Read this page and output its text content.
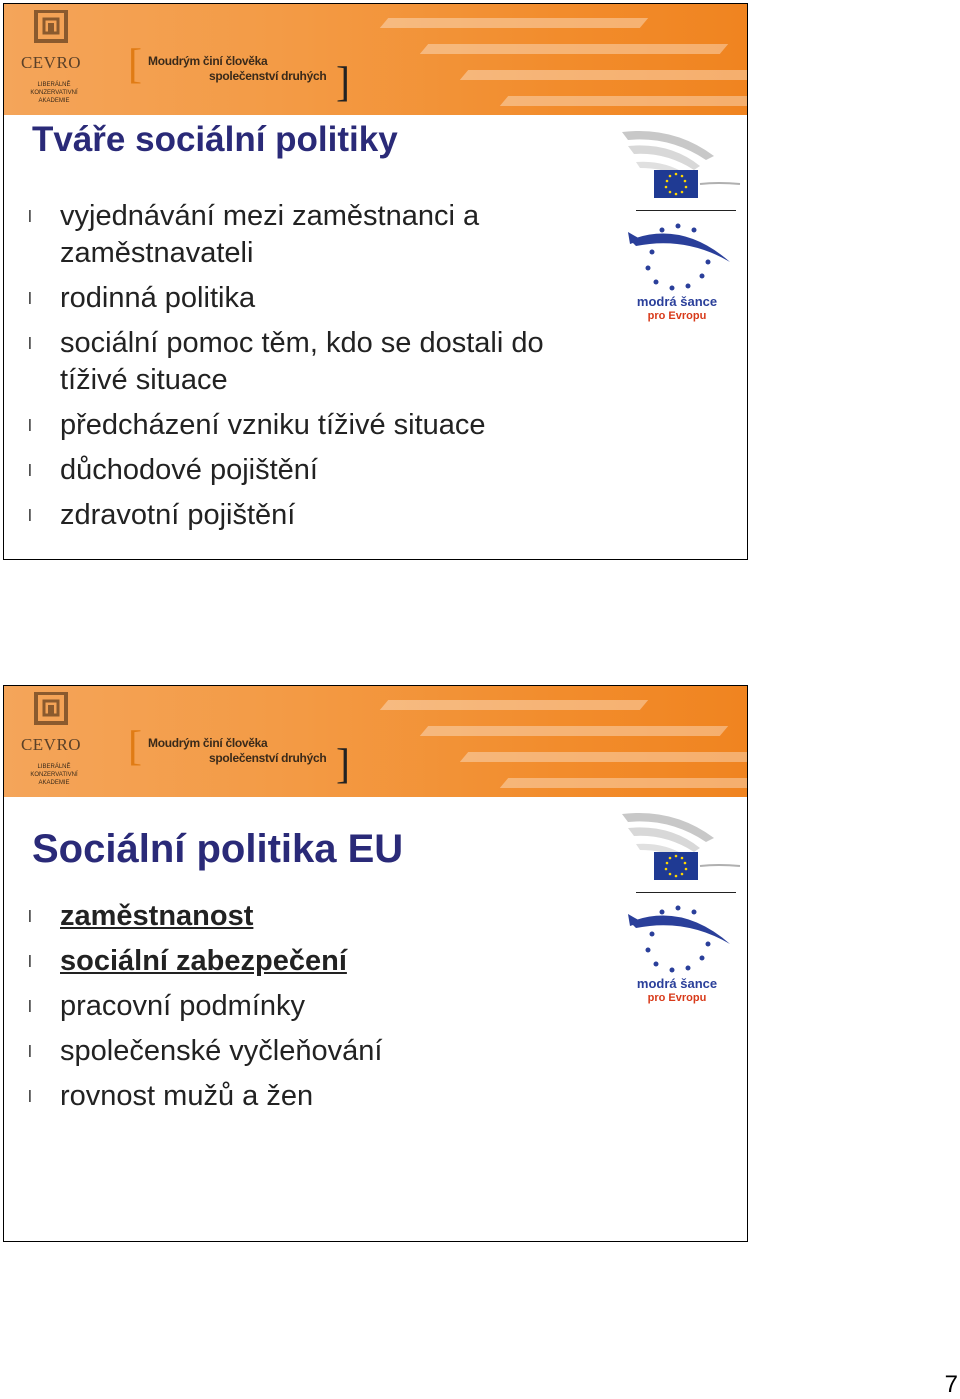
CEVRO
LIBERÁLNĚ
KONZERVATIVNÍ
AKADEMIE
[ Moudrým činí člověka
společenství druhých ]
Tváře sociální politiky
l vyjednávání mezi zaměstnanci a zaměstnavateli
l rodinná politika
l sociální pomoc těm, kdo se dostali do tíživé situace
l předcházení vzniku tíživé situace
l důchodové pojištění
l zdravotní pojištění
modrá šance
pro Evropu
CEVRO
LIBERÁLNĚ
KONZERVATIVNÍ
AKADEMIE
[ Moudrým činí člověka
společenství druhých ]
Sociální politika EU
l zaměstnanost
l sociální zabezpečení
l pracovní podmínky
l společenské vyčleňování
l rovnost mužů a žen
modrá šance
pro Evropu
7
